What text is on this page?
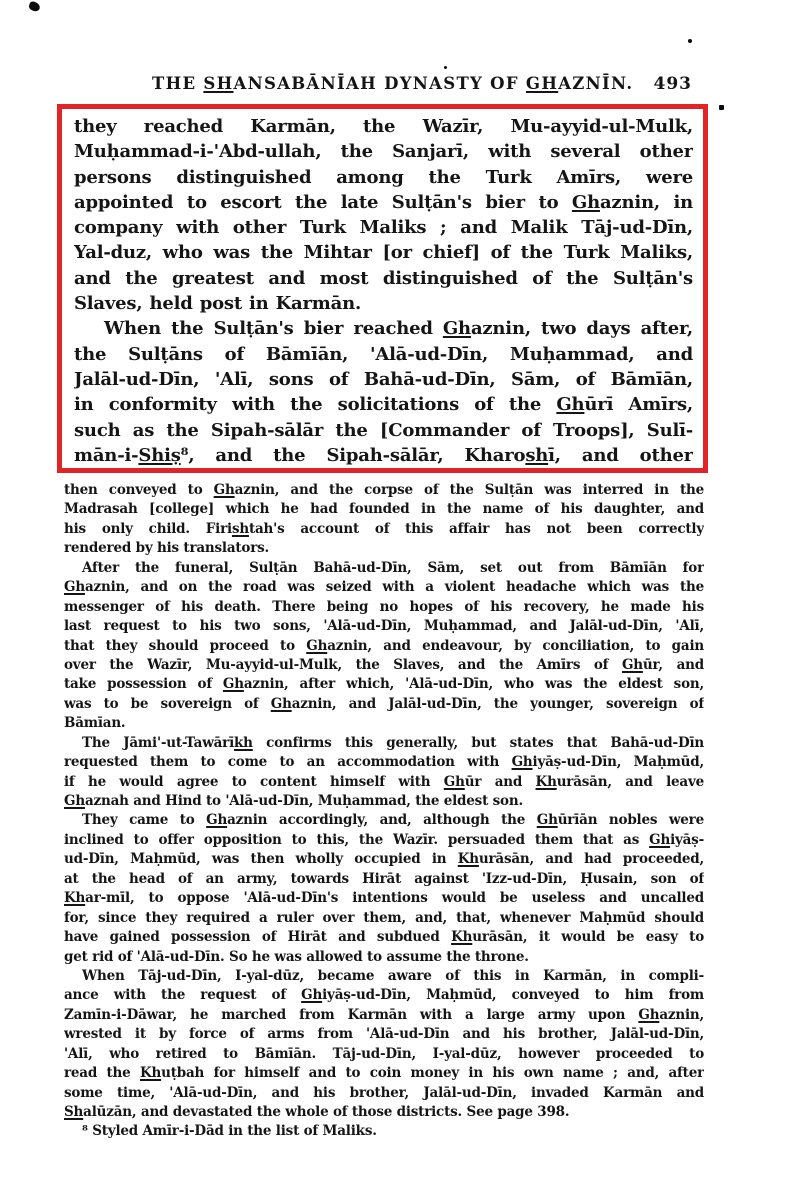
THE SHANSABĀNĪAH DYNASTY OF GHAZNĪN. 493
they reached Karmān, the Wazīr, Mu-ayyid-ul-Mulk,
Muḥammad-i-'Abd-ullah, the Sanjarī, with several other
persons distinguished among the Turk Amīrs, were
appointed to escort the late Sulṭān's bier to Ghaznin, in
company with other Turk Maliks ; and Malik Tāj-ud-Dīn,
Yal-duz, who was the Mihtar [or chief] of the Turk Maliks,
and the greatest and most distinguished of the Sulṭān's
Slaves, held post in Karmān.
When the Sulṭān's bier reached Ghaznin, two days after,
the Sulṭāns of Bāmīān, 'Alā-ud-Dīn, Muḥammad, and
Jalāl-ud-Dīn, 'Alī, sons of Bahā-ud-Dīn, Sām, of Bāmīān,
in conformity with the solicitations of the Ghūrī Amīrs,
such as the Sipah-sālār the [Commander of Troops], Sulī-
mān-i-Shiṣ⁸, and the Sipah-sālār, Kharoshī, and other
then conveyed to Ghaznin, and the corpse of the Sulṭān was interred in the
Madrasah [college] which he had founded in the name of his daughter, and
his only child. Firishtah's account of this affair has not been correctly
rendered by his translators.
After the funeral, Sulṭān Bahā-ud-Dīn, Sām, set out from Bāmīān for
Ghaznin, and on the road was seized with a violent headache which was the
messenger of his death. There being no hopes of his recovery, he made his
last request to his two sons, 'Alā-ud-Dīn, Muḥammad, and Jalāl-ud-Dīn, 'Alī,
that they should proceed to Ghaznin, and endeavour, by conciliation, to gain
over the Wazīr, Mu-ayyid-ul-Mulk, the Slaves, and the Amīrs of Ghūr, and
take possession of Ghaznin, after which, 'Alā-ud-Dīn, who was the eldest son,
was to be sovereign of Ghaznin, and Jalāl-ud-Dīn, the younger, sovereign of
Bāmīan.
The Jāmi'-ut-Tawārīkh confirms this generally, but states that Bahā-ud-Dīn
requested them to come to an accommodation with Ghiyāṣ-ud-Dīn, Maḥmūd,
if he would agree to content himself with Ghūr and Khurāsān, and leave
Ghaznah and Hind to 'Alā-ud-Dīn, Muḥammad, the eldest son.
They came to Ghaznin accordingly, and, although the Ghūrīān nobles were
inclined to offer opposition to this, the Wazīr. persuaded them that as Ghiyāṣ-
ud-Dīn, Maḥmūd, was then wholly occupied in Khurāsān, and had proceeded,
at the head of an army, towards Hirāt against 'Izz-ud-Dīn, Ḥusain, son of
Khar-mīl, to oppose 'Alā-ud-Dīn's intentions would be useless and uncalled
for, since they required a ruler over them, and, that, whenever Maḥmūd should
have gained possession of Hirāt and subdued Khurāsān, it would be easy to
get rid of 'Alā-ud-Dīn. So he was allowed to assume the throne.
When Tāj-ud-Dīn, I-yal-dūz, became aware of this in Karmān, in compli-
ance with the request of Ghiyāṣ-ud-Dīn, Maḥmūd, conveyed to him from
Zamīn-i-Dāwar, he marched from Karmān with a large army upon Ghaznin,
wrested it by force of arms from 'Alā-ud-Dīn and his brother, Jalāl-ud-Dīn,
'Alī, who retired to Bāmīān. Tāj-ud-Dīn, I-yal-dūz, however proceeded to
read the Khuṭbah for himself and to coin money in his own name ; and, after
some time, 'Alā-ud-Dīn, and his brother, Jalāl-ud-Dīn, invaded Karmān and
Shalūzān, and devastated the whole of those districts. See page 398.
⁸ Styled Amīr-i-Dād in the list of Maliks.
